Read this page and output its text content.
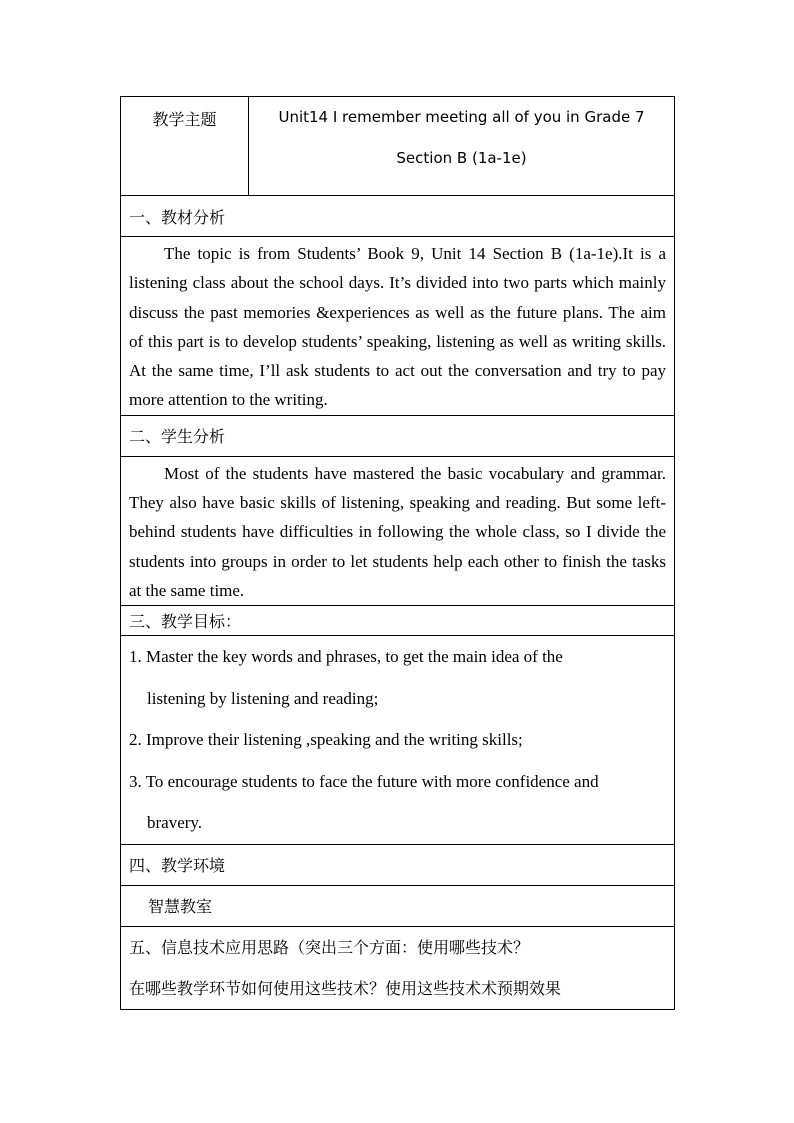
教学主题	Unit14 I remember meeting all of you in Grade 7
Section B (1a-1e)

一、教材分析

The topic is from Students’ Book 9, Unit 14 Section B (1a-1e).It is a listening class about the school days. It’s divided into two parts which mainly discuss the past memories &experiences as well as the future plans. The aim of this part is to develop students’ speaking, listening as well as writing skills. At the same time, I’ll ask students to act out the conversation and try to pay more attention to the writing.

二、学生分析

Most of the students have mastered the basic vocabulary and grammar. They also have basic skills of listening, speaking and reading. But some left-behind students have difficulties in following the whole class, so I divide the students into groups in order to let students help each other to finish the tasks at the same time.

三、教学目标：

1. Master the key words and phrases, to get the main idea of the
listening by listening and reading;
2. Improve their listening ,speaking and the writing skills;
3. To encourage students to face the future with more confidence and
bravery.

四、教学环境
智慧教室

五、信息技术应用思路（突出三个方面：使用哪些技术？
在哪些教学环节如何使用这些技术？使用这些技术术预期效果
